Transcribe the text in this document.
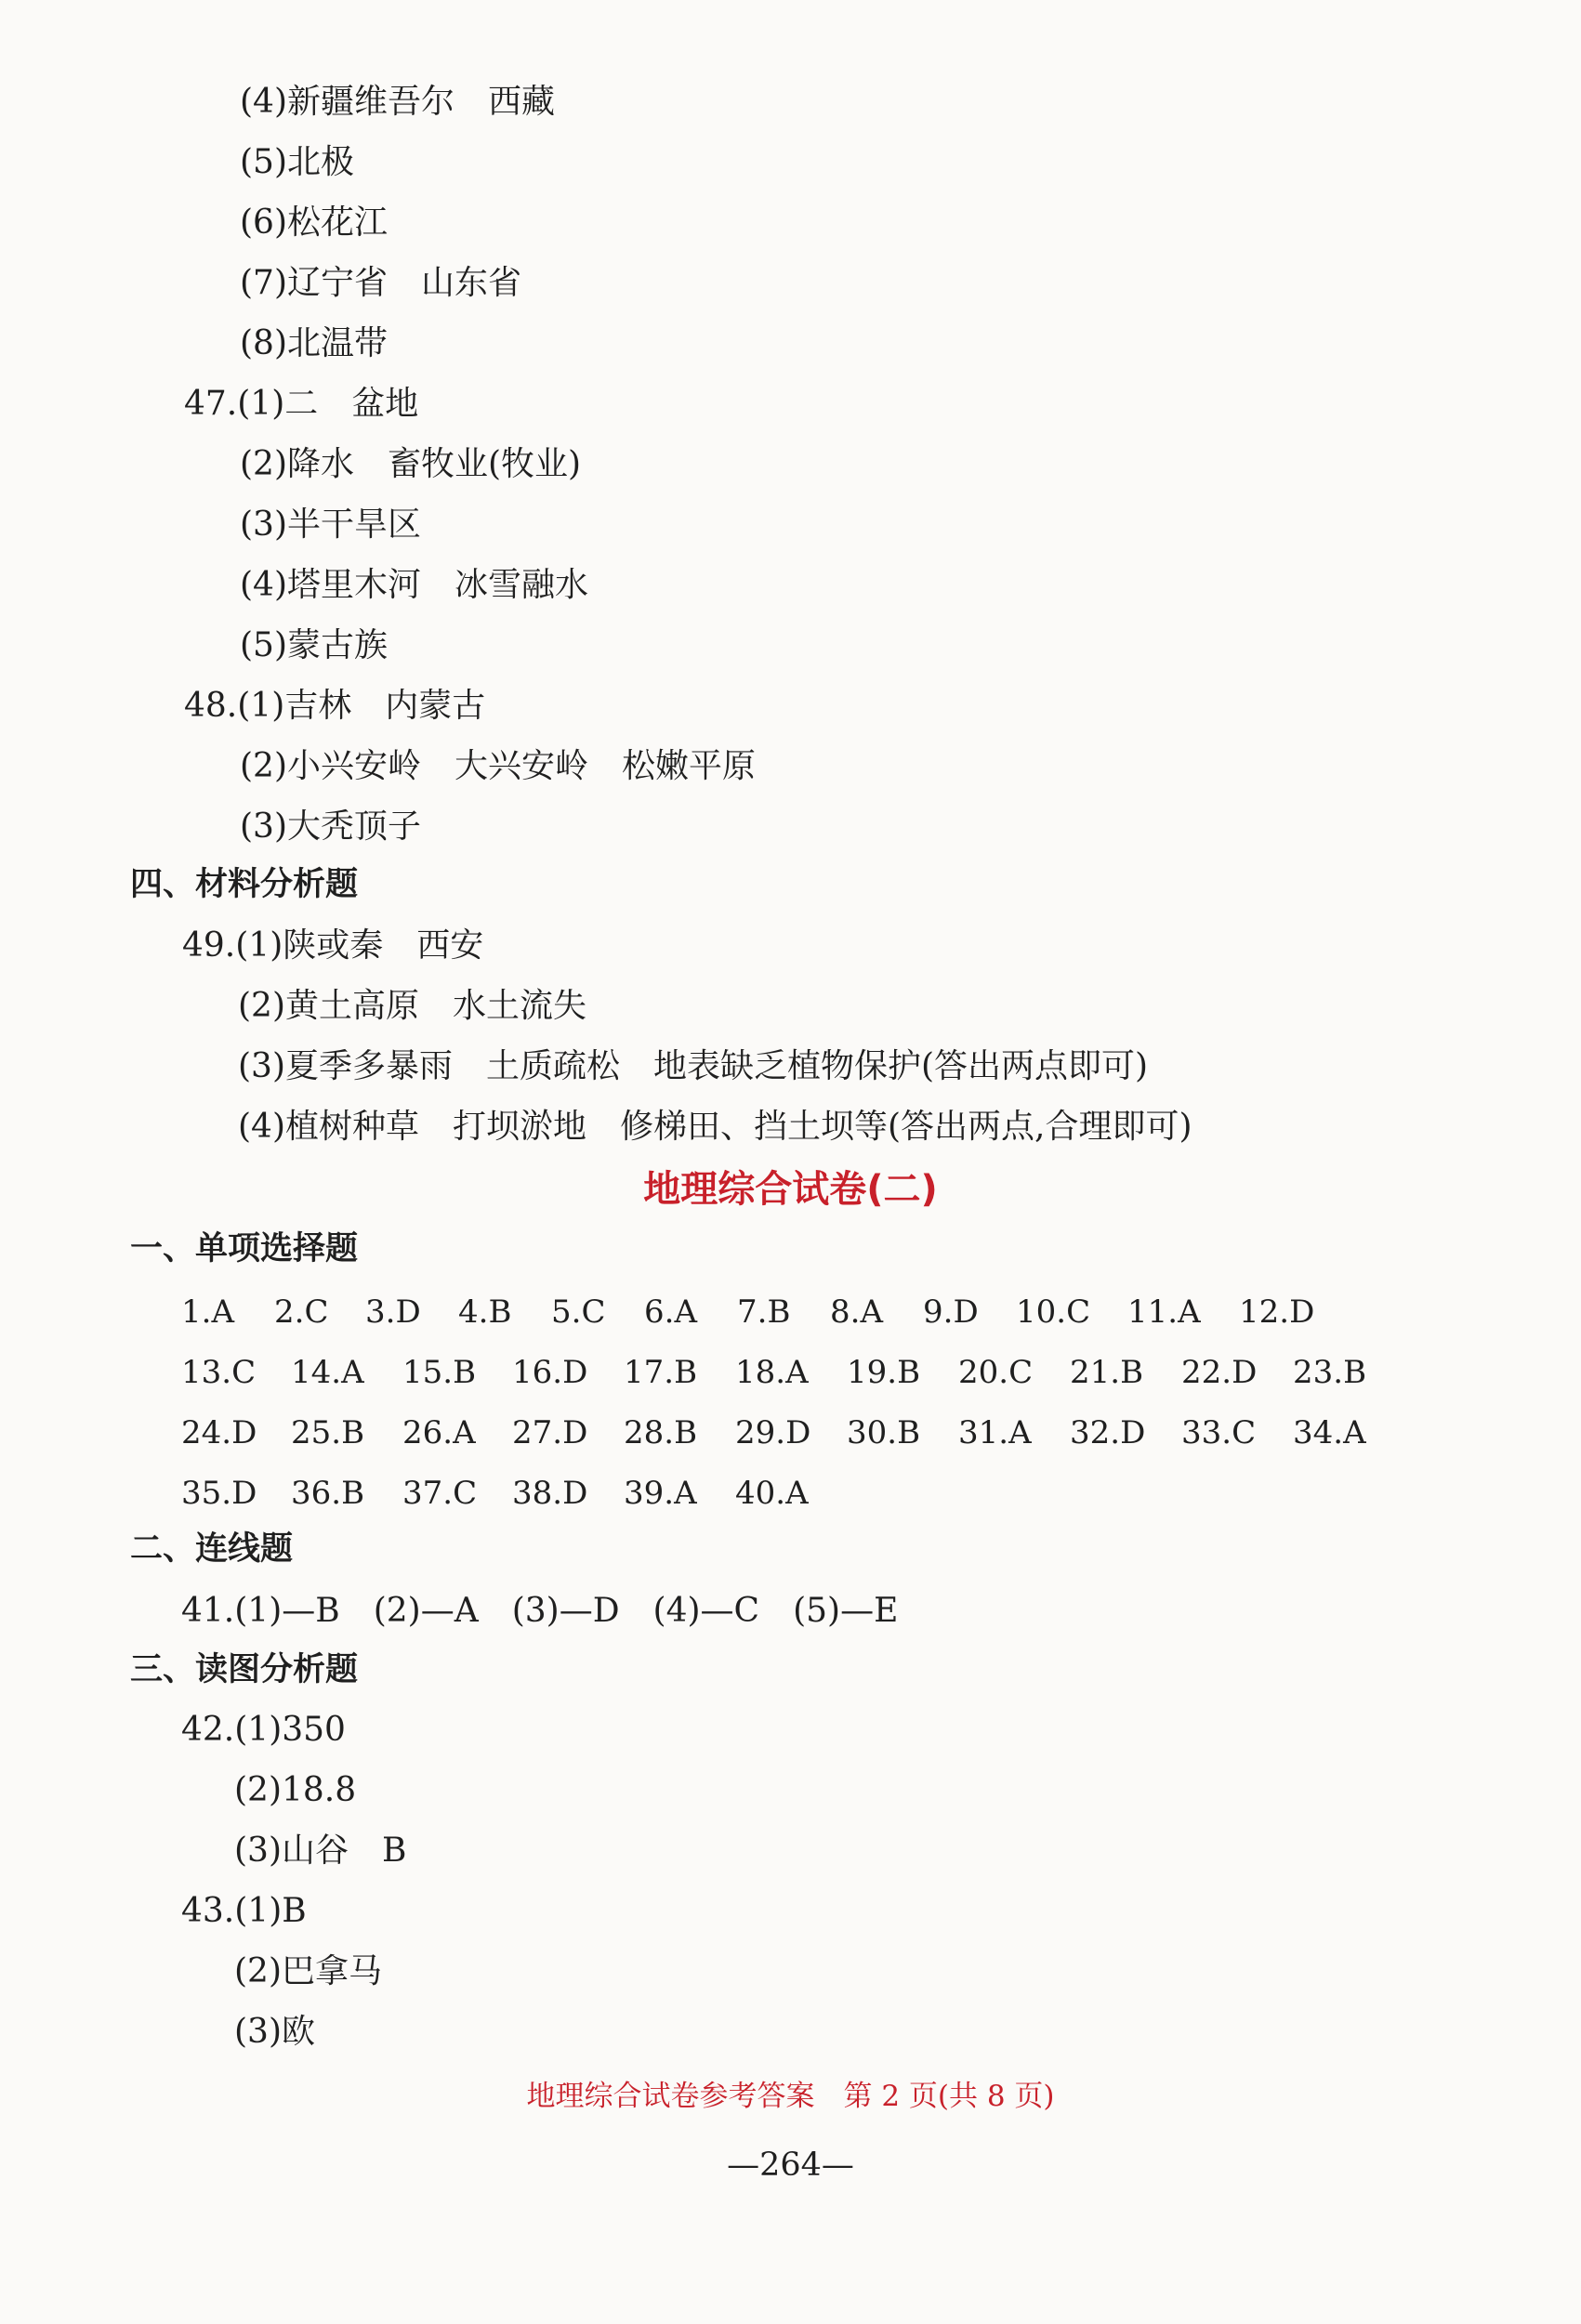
(4)新疆维吾尔　西藏
(5)北极
(6)松花江
(7)辽宁省　山东省
(8)北温带
47.(1)二　盆地
(2)降水　畜牧业(牧业)
(3)半干旱区
(4)塔里木河　冰雪融水
(5)蒙古族
48.(1)吉林　内蒙古
(2)小兴安岭　大兴安岭　松嫩平原
(3)大秃顶子
四、材料分析题
49.(1)陕或秦　西安
(2)黄土高原　水土流失
(3)夏季多暴雨　土质疏松　地表缺乏植物保护(答出两点即可)
(4)植树种草　打坝淤地　修梯田、挡土坝等(答出两点,合理即可)
地理综合试卷(二)
一、单项选择题
1.A 2.C 3.D 4.B 5.C 6.A 7.B 8.A 9.D 10.C 11.A 12.D
13.C 14.A 15.B 16.D 17.B 18.A 19.B 20.C 21.B 22.D 23.B
24.D 25.B 26.A 27.D 28.B 29.D 30.B 31.A 32.D 33.C 34.A
35.D 36.B 37.C 38.D 39.A 40.A
二、连线题
41.(1)—B　(2)—A　(3)—D　(4)—C　(5)—E
三、读图分析题
42.(1)350
(2)18.8
(3)山谷　B
43.(1)B
(2)巴拿马
(3)欧
地理综合试卷参考答案　第 2 页(共 8 页)
—264—
